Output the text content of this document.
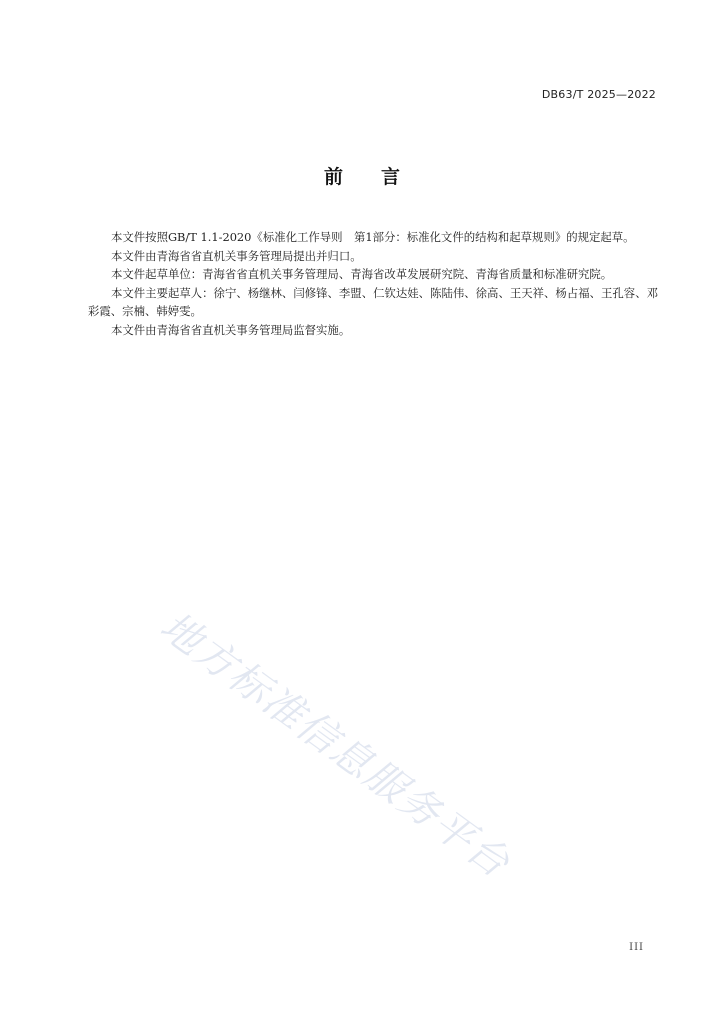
DB63/T 2025—2022
前言

本文件按照GB/T 1.1-2020《标准化工作导则　第1部分：标准化文件的结构和起草规则》的规定起草。

本文件由青海省省直机关事务管理局提出并归口。

本文件起草单位：青海省省直机关事务管理局、青海省改革发展研究院、青海省质量和标准研究院。

本文件主要起草人：徐宁、杨继林、闫修锋、李盟、仁钦达娃、陈陆伟、徐高、王天祥、杨占福、王孔容、邓彩霞、宗楠、韩婷雯。

本文件由青海省省直机关事务管理局监督实施。

地方标准信息服务平台
III
